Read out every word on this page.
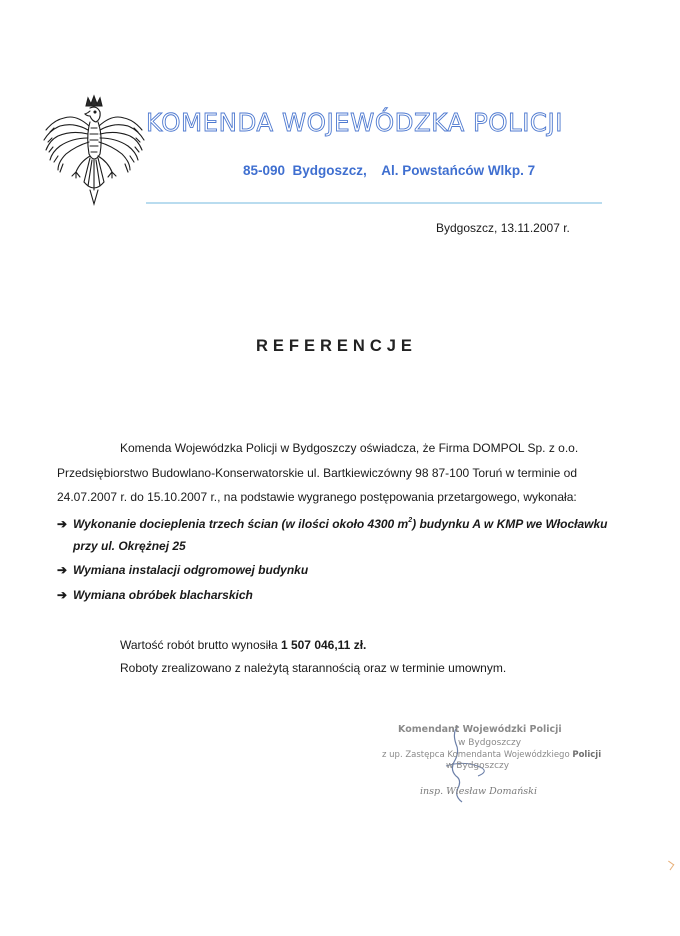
KOMENDA WOJEWÓDZKA POLICJI
85-090  Bydgoszcz,    Al. Powstańców Wlkp. 7
Bydgoszcz, 13.11.2007 r.
REFERENCJE
Komenda Wojewódzka Policji w Bydgoszczy oświadcza, że Firma DOMPOL Sp. z o.o.
Przedsiębiorstwo Budowlano-Konserwatorskie ul. Bartkiewiczówny 98 87-100 Toruń w terminie od
24.07.2007 r. do 15.10.2007 r., na podstawie wygranego postępowania przetargowego, wykonała:
➔ Wykonanie docieplenia trzech ścian (w ilości około 4300 $m^2$) budynku A w KMP we Włocławku
przy ul. Okrężnej 25
➔ Wymiana instalacji odgromowej budynku
➔ Wymiana obróbek blacharskich
Wartość robót brutto wynosiła 1 507 046,11 zł.
Roboty zrealizowano z należytą starannością oraz w terminie umownym.
Komendant Wojewódzki Policji
w Bydgoszczy
z up. Zastępca Komendanta Wojewódzkiego Policji
w Bydgoszczy
insp. Wiesław Domański
